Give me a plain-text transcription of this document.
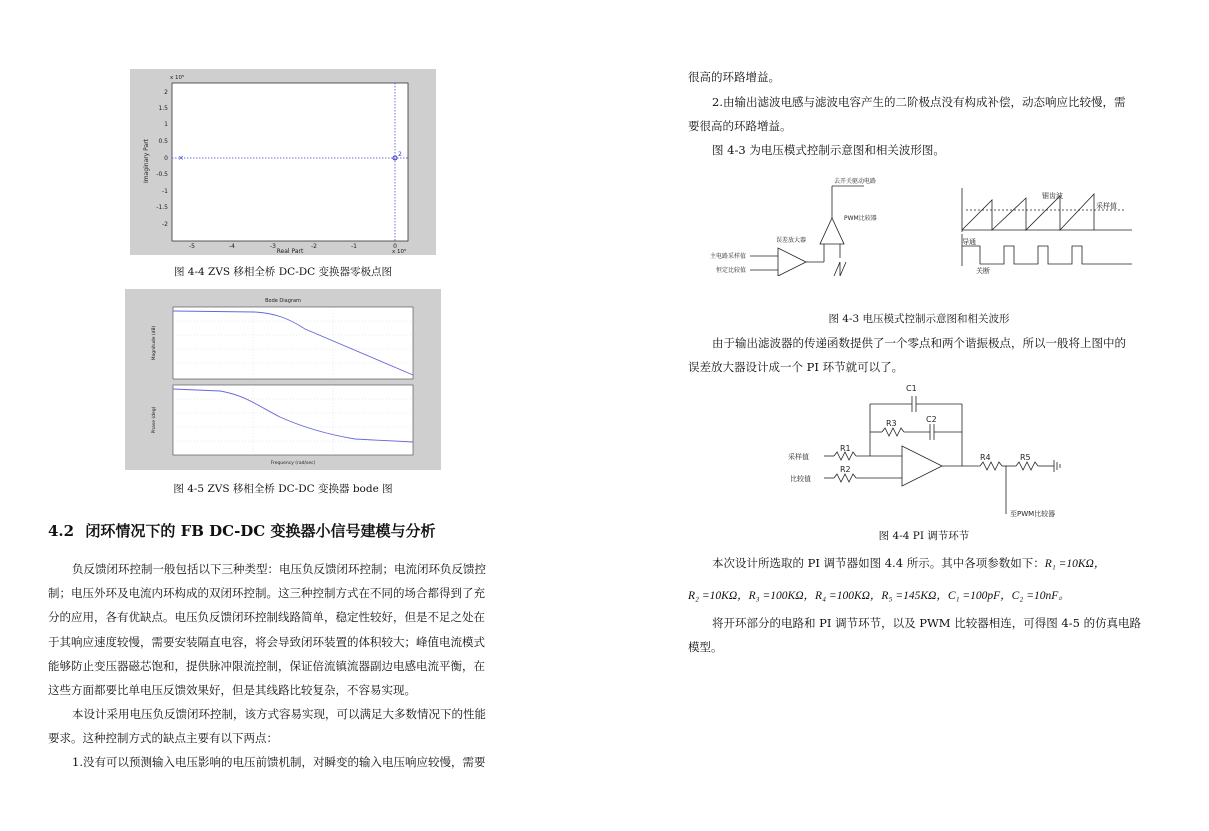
2
1.5
1
0.5
0
-0.5
-1
-1.5
-2
-5	-4	-3	-2	-1	0
x 10⁵
x 10⁵
Real Part
Imaginary Part	×	2
图 4-4 ZVS 移相全桥 DC-DC 变换器零极点图
Bode Diagram
Magnitude (dB)
Phase (deg)
Frequency (rad/sec)
图 4-5 ZVS 移相全桥 DC-DC 变换器 bode 图
4.2 闭环情况下的 FB DC-DC 变换器小信号建模与分析
负反馈闭环控制一般包括以下三种类型：电压负反馈闭环控制；电流闭环负反馈控
制；电压外环及电流内环构成的双闭环控制。这三种控制方式在不同的场合都得到了充
分的应用，各有优缺点。电压负反馈闭环控制线路简单，稳定性较好，但是不足之处在
于其响应速度较慢，需要安装隔直电容，将会导致闭环装置的体积较大；峰值电流模式
能够防止变压器磁芯饱和，提供脉冲限流控制，保证倍流镇流器副边电感电流平衡，在
这些方面都要比单电压反馈效果好，但是其线路比较复杂，不容易实现。
本设计采用电压负反馈闭环控制，该方式容易实现，可以满足大多数情况下的性能
要求。这种控制方式的缺点主要有以下两点：
1.没有可以预测输入电压影响的电压前馈机制，对瞬变的输入电压响应较慢，需要
很高的环路增益。
2.由输出滤波电感与滤波电容产生的二阶极点没有构成补偿，动态响应比较慢，需
要很高的环路增益。
图 4-3 为电压模式控制示意图和相关波形图。
去开关驱动电路
PWM比较器
误差放大器
主电路采样值
恒定比较值
锯齿波
采样值
导通
关断
图 4-3 电压模式控制示意图和相关波形
由于输出滤波器的传递函数提供了一个零点和两个谐振极点，所以一般将上图中的
误差放大器设计成一个 PI 环节就可以了。
C1
R3	C2
R1
R2
R4	R5
采样值
比较值
至PWM比较器
图 4-4 PI 调节环节
本次设计所选取的 PI 调节器如图 4.4 所示。其中各项参数如下：R₁ =10KΩ，
R₂ =10KΩ，R₃ =100KΩ，R₄ =100KΩ，R₅ =145KΩ，C₁ =100pF，C₂ =10nF。
将开环部分的电路和 PI 调节环节，以及 PWM 比较器相连，可得图 4-5 的仿真电路
模型。
